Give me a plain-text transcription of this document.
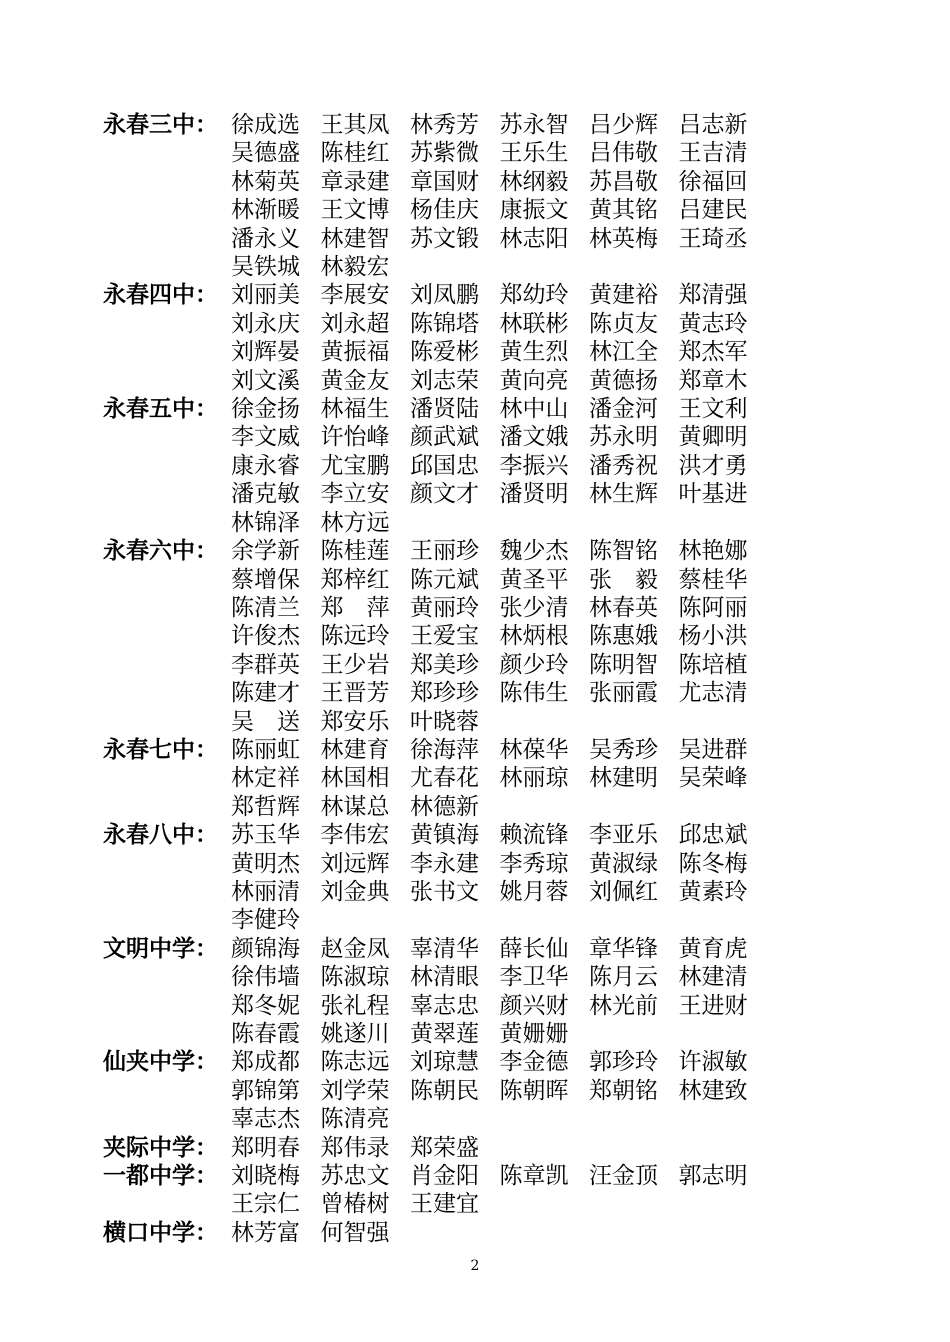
永春三中： 徐成选 王其凤 林秀芳 苏永智 吕少辉 吕志新
吴德盛 陈桂红 苏紫微 王乐生 吕伟敬 王吉清
林菊英 章录建 章国财 林纲毅 苏昌敬 徐福回
林渐暖 王文博 杨佳庆 康振文 黄其铭 吕建民
潘永义 林建智 苏文锻 林志阳 林英梅 王琦丞
吴铁城 林毅宏
永春四中： 刘丽美 李展安 刘凤鹏 郑幼玲 黄建裕 郑清强
刘永庆 刘永超 陈锦塔 林联彬 陈贞友 黄志玲
刘辉晏 黄振福 陈爱彬 黄生烈 林江全 郑杰军
刘文溪 黄金友 刘志荣 黄向亮 黄德扬 郑章木
永春五中： 徐金扬 林福生 潘贤陆 林中山 潘金河 王文利
李文威 许怡峰 颜武斌 潘文娥 苏永明 黄卿明
康永睿 尤宝鹏 邱国忠 李振兴 潘秀祝 洪才勇
潘克敏 李立安 颜文才 潘贤明 林生辉 叶基进
林锦泽 林方远
永春六中： 余学新 陈桂莲 王丽珍 魏少杰 陈智铭 林艳娜
蔡增保 郑梓红 陈元斌 黄圣平 张　毅 蔡桂华
陈清兰 郑　萍 黄丽玲 张少清 林春英 陈阿丽
许俊杰 陈远玲 王爱宝 林炳根 陈惠娥 杨小洪
李群英 王少岩 郑美珍 颜少玲 陈明智 陈培植
陈建才 王晋芳 郑珍珍 陈伟生 张丽霞 尤志清
吴　送 郑安乐 叶晓蓉
永春七中： 陈丽虹 林建育 徐海萍 林葆华 吴秀珍 吴进群
林定祥 林国相 尤春花 林丽琼 林建明 吴荣峰
郑哲辉 林谋总 林德新
永春八中： 苏玉华 李伟宏 黄镇海 赖流锋 李亚乐 邱忠斌
黄明杰 刘远辉 李永建 李秀琼 黄淑绿 陈冬梅
林丽清 刘金典 张书文 姚月蓉 刘佩红 黄素玲
李健玲
文明中学： 颜锦海 赵金凤 辜清华 薛长仙 章华锋 黄育虎
徐伟墙 陈淑琼 林清眼 李卫华 陈月云 林建清
郑冬妮 张礼程 辜志忠 颜兴财 林光前 王进财
陈春霞 姚遂川 黄翠莲 黄姗姗
仙夹中学： 郑成都 陈志远 刘琼慧 李金德 郭珍玲 许淑敏
郭锦第 刘学荣 陈朝民 陈朝晖 郑朝铭 林建致
辜志杰 陈清亮
夹际中学： 郑明春 郑伟录 郑荣盛
一都中学： 刘晓梅 苏忠文 肖金阳 陈章凯 汪金顶 郭志明
王宗仁 曾椿树 王建宜
横口中学： 林芳富 何智强
2
